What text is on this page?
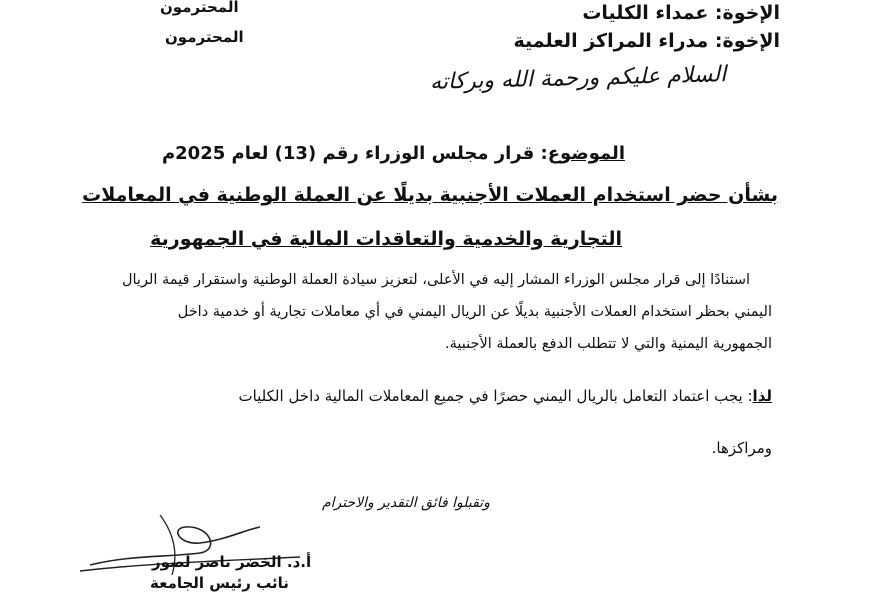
الإخوة: عمداء الكليات
الإخوة: مدراء المراكز العلمية
المحترمون
المحترمون
السلام عليكم ورحمة الله وبركاته
الموضوع: قرار مجلس الوزراء رقم (13) لعام 2025م
بشأن حضر استخدام العملات الأجنبية بديلًا عن العملة الوطنية في المعاملات
التجارية والخدمية والتعاقدات المالية في الجمهورية

استنادًا إلى قرار مجلس الوزراء المشار إليه في الأعلى، لتعزيز سيادة العملة الوطنية واستقرار قيمة الريال

اليمني بحظر استخدام العملات الأجنبية بديلًا عن الريال اليمني في أي معاملات تجارية أو خدمية داخل

الجمهورية اليمنية والتي لا تتطلب الدفع بالعملة الأجنبية.

لذا: يجب اعتماد التعامل بالريال اليمني حصرًا في جميع المعاملات المالية داخل الكليات

ومراكزها.

وتقبلوا فائق التقدير والاحترام
أ.د. الخضر ناصر لصور
نائب رئيس الجامعة
